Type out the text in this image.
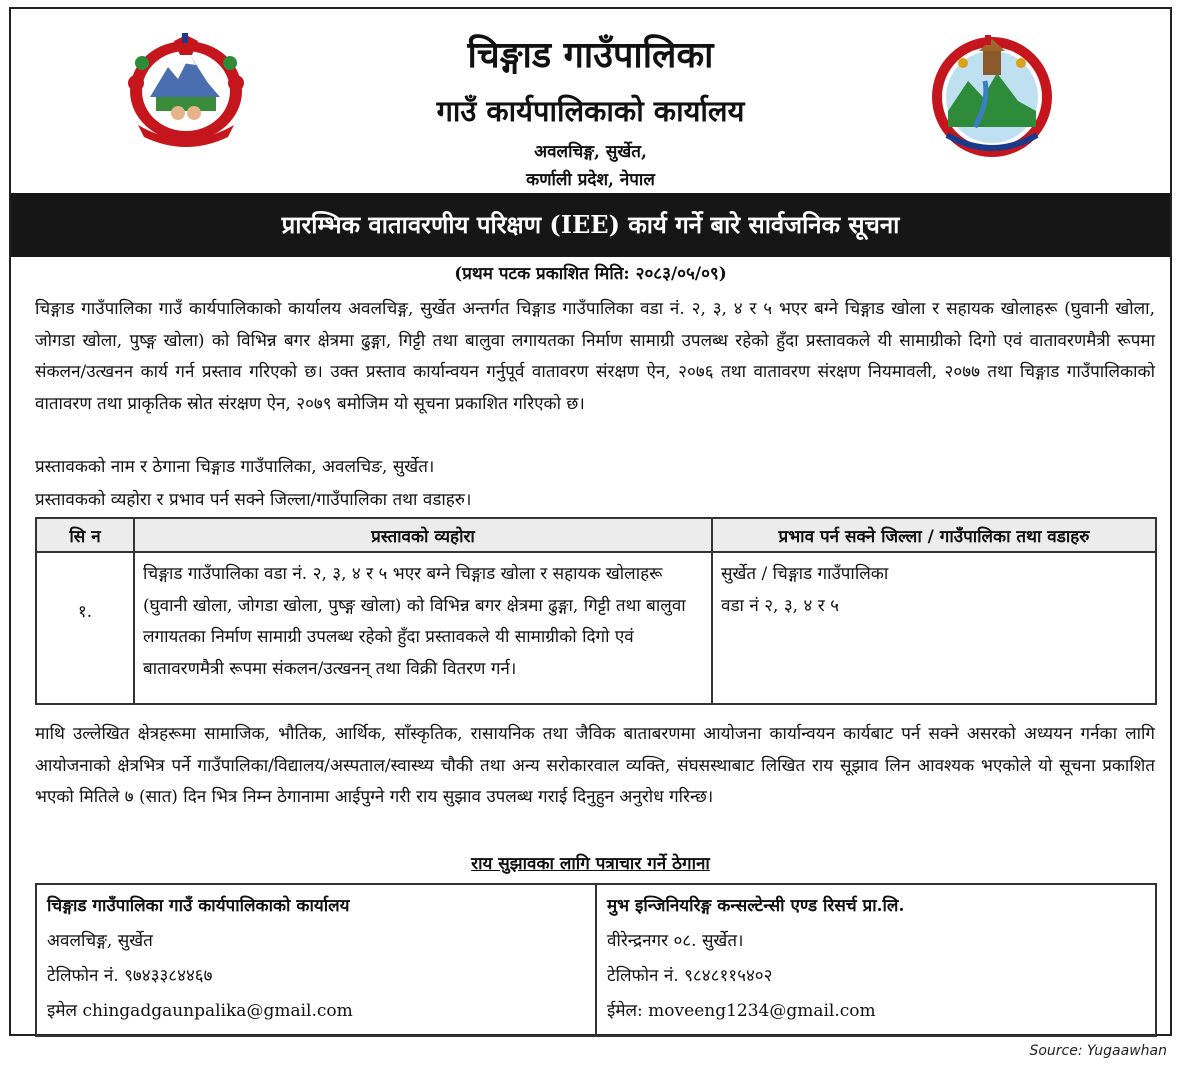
चिङ्गाड गाउँपालिका
गाउँ कार्यपालिकाको कार्यालय
अवलचिङ्ग, सुर्खेत,
कर्णाली प्रदेश, नेपाल
प्रारम्भिक वातावरणीय परिक्षण (IEE) कार्य गर्ने बारे सार्वजनिक सूचना
(प्रथम पटक प्रकाशित मिति: २०८३/०५/०९)
चिङ्गाड गाउँपालिका गाउँ कार्यपालिकाको कार्यालय अवलचिङ्ग, सुर्खेत अन्तर्गत चिङ्गाड गाउँपालिका वडा नं. २, ३, ४ र ५ भएर बग्ने चिङ्गाड खोला र सहायक खोलाहरू (घुवानी खोला, जोगडा खोला, पुष्ङ्ग खोला) को विभिन्न बगर क्षेत्रमा ढुङ्गा, गिट्टी तथा बालुवा लगायतका निर्माण सामाग्री उपलब्ध रहेको हुँदा प्रस्तावकले यी सामाग्रीको दिगो एवं वातावरणमैत्री रूपमा संकलन/उत्खनन कार्य गर्न प्रस्ताव गरिएको छ। उक्त प्रस्ताव कार्यान्वयन गर्नुपूर्व वातावरण संरक्षण ऐन, २०७६ तथा वातावरण संरक्षण नियमावली, २०७७ तथा चिङ्गाड गाउँपालिकाको वातावरण तथा प्राकृतिक स्रोत संरक्षण ऐन, २०७९ बमोजिम यो सूचना प्रकाशित गरिएको छ।
प्रस्तावकको नाम र ठेगाना चिङ्गाड गाउँपालिका, अवलचिङ, सुर्खेत।
प्रस्तावकको व्यहोरा र प्रभाव पर्न सक्ने जिल्ला/गाउँपालिका तथा वडाहरु।
सि न	प्रस्तावको व्यहोरा	प्रभाव पर्न सक्ने जिल्ला / गाउँपालिका तथा वडाहरु
१.	चिङ्गाड गाउँपालिका वडा नं. २, ३, ४ र ५ भएर बग्ने चिङ्गाड खोला र सहायक खोलाहरू (घुवानी खोला, जोगडा खोला, पुष्ङ्ग खोला) को विभिन्न बगर क्षेत्रमा ढुङ्गा, गिट्टी तथा बालुवा लगायतका निर्माण सामाग्री उपलब्ध रहेको हुँदा प्रस्तावकले यी सामाग्रीको दिगो एवं बातावरणमैत्री रूपमा संकलन/उत्खनन् तथा विक्री वितरण गर्न।	सुर्खेत / चिङ्गाड गाउँपालिका
वडा नं २, ३, ४ र ५
माथि उल्लेखित क्षेत्रहरूमा सामाजिक, भौतिक, आर्थिक, साँस्कृतिक, रासायनिक तथा जैविक बाताबरणमा आयोजना कार्यान्वयन कार्यबाट पर्न सक्ने असरको अध्ययन गर्नका लागि आयोजनाको क्षेत्रभित्र पर्ने गाउँपालिका/विद्यालय/अस्पताल/स्वास्थ्य चौकी तथा अन्य सरोकारवाल व्यक्ति, संघसस्थाबाट लिखित राय सूझाव लिन आवश्यक भएकोले यो सूचना प्रकाशित भएको मितिले ७ (सात) दिन भित्र निम्न ठेगानामा आईपुग्ने गरी राय सुझाव उपलब्ध गराई दिनुहुन अनुरोध गरिन्छ।
राय सुझावका लागि पत्राचार गर्ने ठेगाना
चिङ्गाड गाउँपालिका गाउँ कार्यपालिकाको कार्यालय
अवलचिङ्ग, सुर्खेत
टेलिफोन नं. ९७४३३८४४६७
इमेल chingadgaunpalika@gmail.com

मुभ इन्जिनियरिङ्ग कन्सल्टेन्सी एण्ड रिसर्च प्रा.लि.
वीरेन्द्रनगर ०८. सुर्खेत।
टेलिफोन नं. ९८४८११५४०२
ईमेल: moveeng1234@gmail.com
Source: Yugaawhan
